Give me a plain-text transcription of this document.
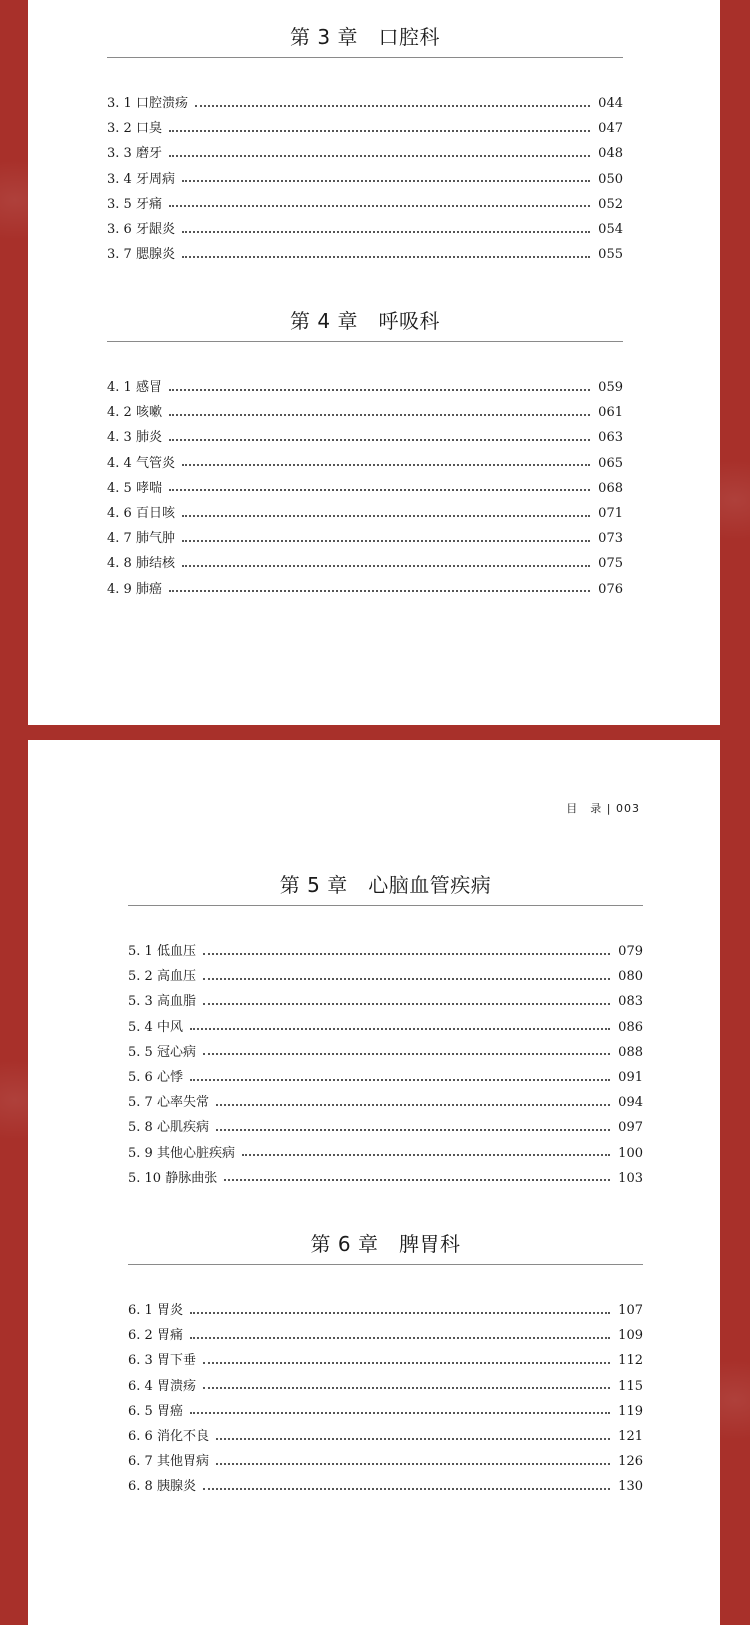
第 3 章　口腔科
3. 1 口腔溃疡	044
3. 2 口臭	047
3. 3 磨牙	048
3. 4 牙周病	050
3. 5 牙痛	052
3. 6 牙龈炎	054
3. 7 腮腺炎	055
第 4 章　呼吸科
4. 1 感冒	059
4. 2 咳嗽	061
4. 3 肺炎	063
4. 4 气管炎	065
4. 5 哮喘	068
4. 6 百日咳	071
4. 7 肺气肿	073
4. 8 肺结核	075
4. 9 肺癌	076
目　录 | 003
第 5 章　心脑血管疾病
5. 1 低血压	079
5. 2 高血压	080
5. 3 高血脂	083
5. 4 中风	086
5. 5 冠心病	088
5. 6 心悸	091
5. 7 心率失常	094
5. 8 心肌疾病	097
5. 9 其他心脏疾病	100
5. 10 静脉曲张	103
第 6 章　脾胃科
6. 1 胃炎	107
6. 2 胃痛	109
6. 3 胃下垂	112
6. 4 胃溃疡	115
6. 5 胃癌	119
6. 6 消化不良	121
6. 7 其他胃病	126
6. 8 胰腺炎	130
